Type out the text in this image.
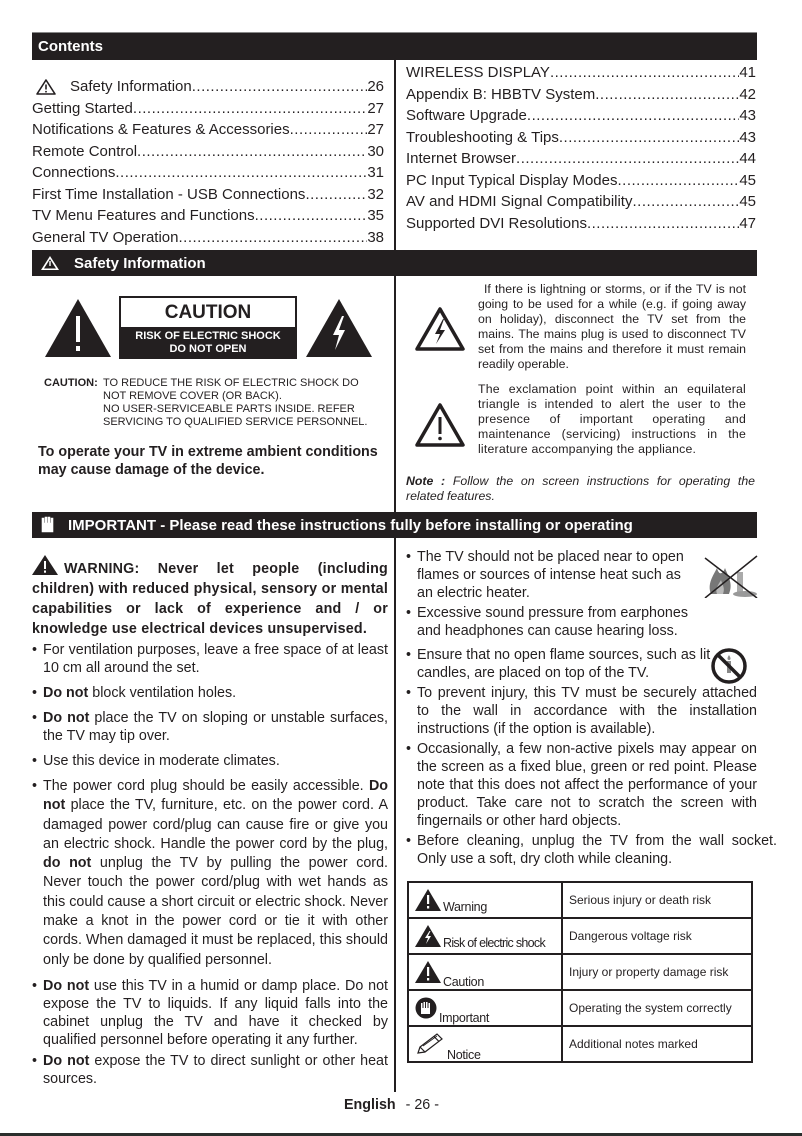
Contents
Safety Information .....	26
Getting Started .....	27
Notifications & Features & Accessories .....	27
Remote Control .....	30
Connections .....	31
First Time Installation - USB Connections .....	32
TV Menu Features and Functions .....	35
General TV Operation .....	38
WIRELESS DISPLAY .....	41
Appendix B: HBBTV System .....	42
Software Upgrade .....	43
Troubleshooting & Tips .....	43
Internet Browser .....	44
PC Input Typical Display Modes .....	45
AV and HDMI Signal Compatibility .....	45
Supported DVI Resolutions .....	47
Safety Information
CAUTION
RISK OF ELECTRIC SHOCK
DO NOT OPEN
CAUTION: TO REDUCE THE RISK OF ELECTRIC SHOCK DO
NOT REMOVE COVER (OR BACK).
NO USER-SERVICEABLE PARTS INSIDE. REFER
SERVICING TO QUALIFIED SERVICE PERSONNEL.
To operate your TV in extreme ambient conditions may cause damage of the device.
If there is lightning or storms, or if the TV is not going to be used for a while (e.g. if going away on holiday), disconnect the TV set from the mains. The mains plug is used to disconnect TV set from the mains and therefore it must remain readily operable.
The exclamation point within an equilateral triangle is intended to alert the user to the presence of important operating and maintenance (servicing) instructions in the literature accompanying the appliance.
Note : Follow the on screen instructions for operating the related features.
IMPORTANT - Please read these instructions fully before installing or operating
WARNING: Never let people (including children) with reduced physical, sensory or mental capabilities or lack of experience and / or knowledge use electrical devices unsupervised.
• For ventilation purposes, leave a free space of at least 10 cm all around the set.
• Do not block ventilation holes.
• Do not place the TV on sloping or unstable surfaces, the TV may tip over.
• Use this device in moderate climates.
• The power cord plug should be easily accessible. Do not place the TV, furniture, etc. on the power cord. A damaged power cord/plug can cause fire or give you an electric shock. Handle the power cord by the plug, do not unplug the TV by pulling the power cord. Never touch the power cord/plug with wet hands as this could cause a short circuit or electric shock. Never make a knot in the power cord or tie it with other cords. When damaged it must be replaced, this should only be done by qualified personnel.
• Do not use this TV in a humid or damp place. Do not expose the TV to liquids. If any liquid falls into the cabinet unplug the TV and have it checked by qualified personnel before operating it any further.
• Do not expose the TV to direct sunlight or other heat sources.
• The TV should not be placed near to open flames or sources of intense heat such as an electric heater.
• Excessive sound pressure from earphones and headphones can cause hearing loss.
• Ensure that no open flame sources, such as lit candles, are placed on top of the TV.
• To prevent injury, this TV must be securely attached to the wall in accordance with the installation instructions (if the option is available).
• Occasionally, a few non-active pixels may appear on the screen as a fixed blue, green or red point. Please note that this does not affect the performance of your product. Take care not to scratch the screen with fingernails or other hard objects.
• Before cleaning, unplug the TV from the wall socket. Only use a soft, dry cloth while cleaning.
Warning	Serious injury or death risk

Risk of electric shock	Dangerous voltage risk

Caution	Injury or property damage risk

Important	Operating the system correctly

Notice	Additional notes marked
English - 26 -
